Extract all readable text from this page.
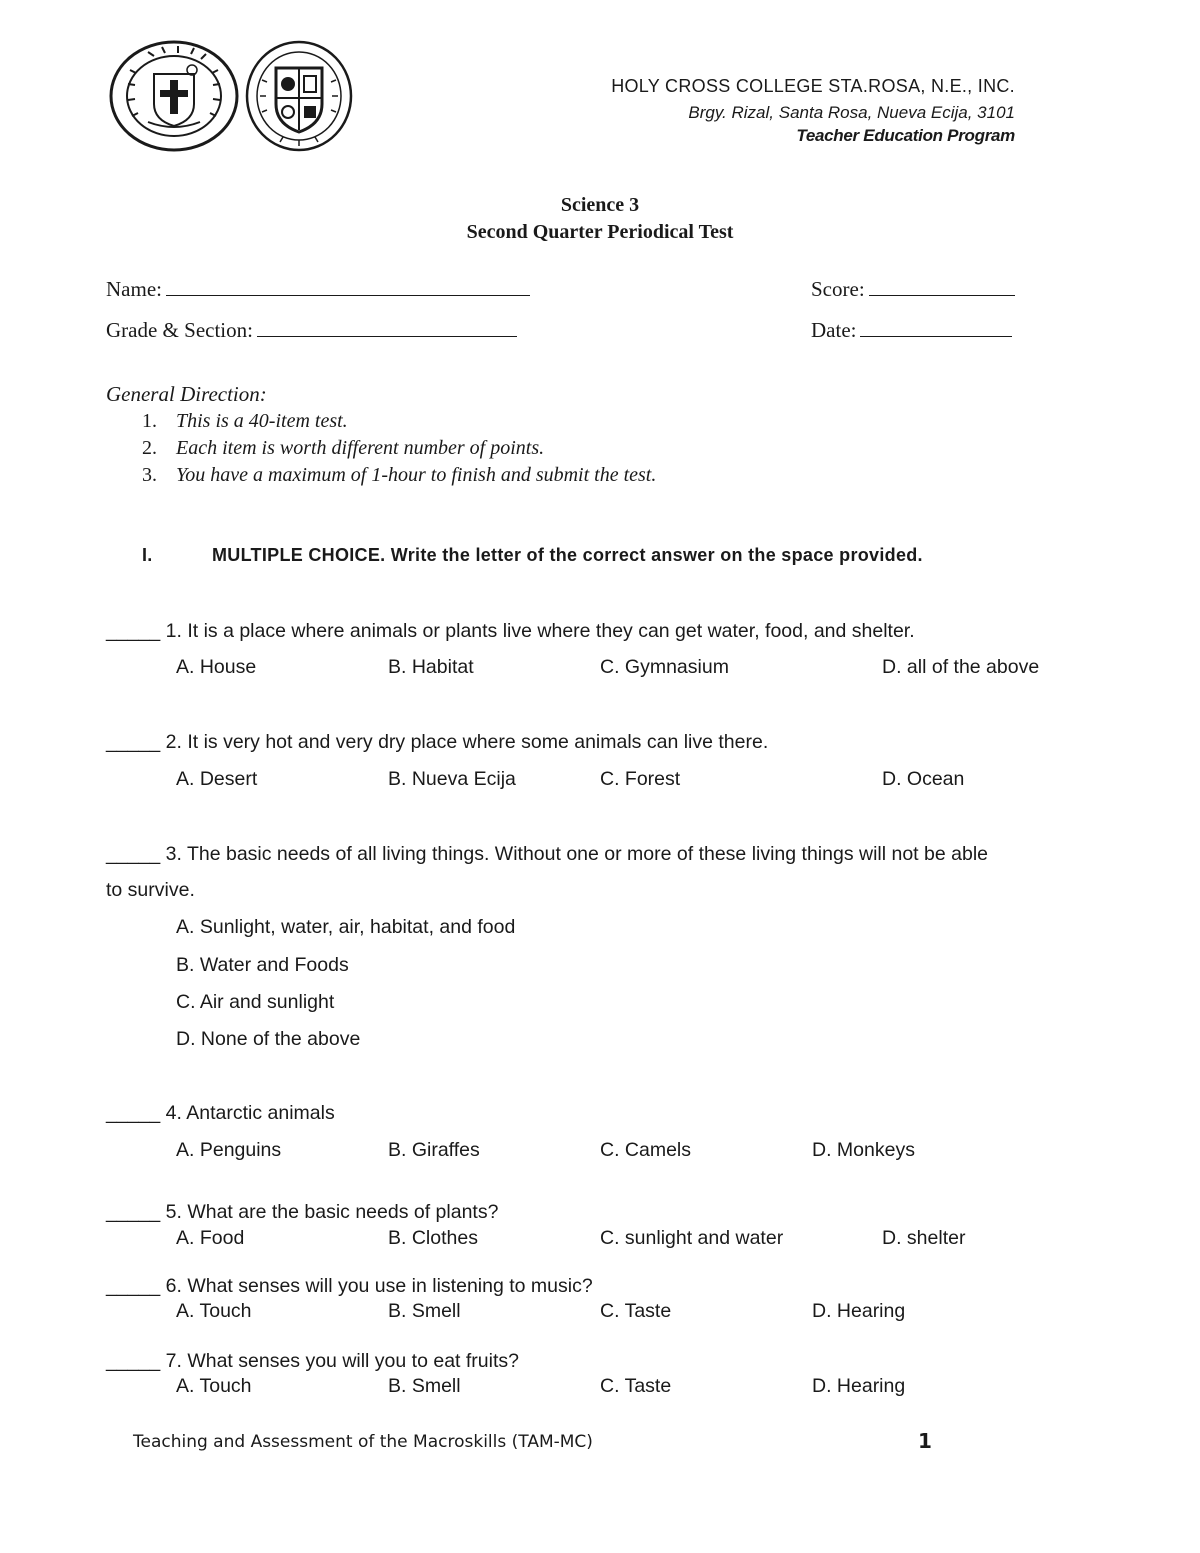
HOLY CROSS COLLEGE STA.ROSA, N.E., INC.
Brgy. Rizal, Santa Rosa, Nueva Ecija, 3101
Teacher Education Program
Science 3
Second Quarter Periodical Test
Name:	Score:
Grade & Section:	Date:
General Direction:
1. This is a 40-item test.
2. Each item is worth different number of points.
3. You have a maximum of 1-hour to finish and submit the test.
I.	MULTIPLE CHOICE. Write the letter of the correct answer on the space provided.
_____ 1. It is a place where animals or plants live where they can get water, food, and shelter.
A. House	B. Habitat	C. Gymnasium	D. all of the above
_____ 2. It is very hot and very dry place where some animals can live there.
A. Desert	B. Nueva Ecija	C. Forest	D. Ocean
_____ 3. The basic needs of all living things. Without one or more of these living things will not be able
to survive.
A. Sunlight, water, air, habitat, and food
B. Water and Foods
C. Air and sunlight
D. None of the above
_____ 4. Antarctic animals
A. Penguins	B. Giraffes	C. Camels	D. Monkeys
_____ 5. What are the basic needs of plants?
A. Food	B. Clothes	C. sunlight and water	D. shelter
_____ 6. What senses will you use in listening to music?
A. Touch	B. Smell	C. Taste	D. Hearing
_____ 7. What senses you will you to eat fruits?
A. Touch	B. Smell	C. Taste	D. Hearing
Teaching and Assessment of the Macroskills (TAM-MC)	1
